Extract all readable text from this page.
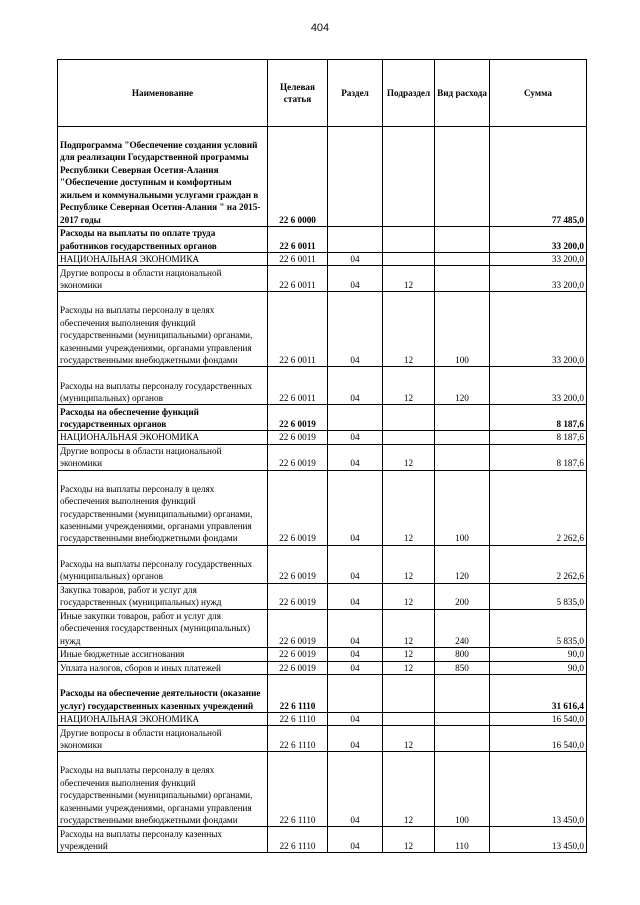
404
Наименование	Целевая статья	Раздел	Подраздел	Вид расхода	Сумма
Подпрограмма "Обеспечение создания условий для реализации Государственной программы Республики Северная Осетия-Алания "Обеспечение доступным и комфортным жильем и коммунальными услугами граждан в Республике Северная Осетия-Алания " на 2015-2017 годы	22 6 0000				77 485,0
Расходы на выплаты по оплате труда работников государственных органов	22 6 0011				33 200,0
НАЦИОНАЛЬНАЯ ЭКОНОМИКА	22 6 0011	04			33 200,0
Другие вопросы в области национальной экономики	22 6 0011	04	12		33 200,0
Расходы на выплаты персоналу в целях обеспечения выполнения функций государственными (муниципальными) органами, казенными учреждениями, органами управления государственными внебюджетными фондами	22 6 0011	04	12	100	33 200,0
Расходы на выплаты персоналу государственных (муниципальных) органов	22 6 0011	04	12	120	33 200,0
Расходы на обеспечение функций государственных органов	22 6 0019				8 187,6
НАЦИОНАЛЬНАЯ ЭКОНОМИКА	22 6 0019	04			8 187,6
Другие вопросы в области национальной экономики	22 6 0019	04	12		8 187,6
Расходы на выплаты персоналу в целях обеспечения выполнения функций государственными (муниципальными) органами, казенными учреждениями, органами управления государственными внебюджетными фондами	22 6 0019	04	12	100	2 262,6
Расходы на выплаты персоналу государственных (муниципальных) органов	22 6 0019	04	12	120	2 262,6
Закупка товаров, работ и услуг для государственных (муниципальных) нужд	22 6 0019	04	12	200	5 835,0
Иные закупки товаров, работ и услуг для обеспечения государственных (муниципальных) нужд	22 6 0019	04	12	240	5 835,0
Иные бюджетные ассигнования	22 6 0019	04	12	800	90,0
Уплата налогов, сборов и иных платежей	22 6 0019	04	12	850	90,0
Расходы на обеспечение деятельности (оказание услуг) государственных казенных учреждений	22 6 1110				31 616,4
НАЦИОНАЛЬНАЯ ЭКОНОМИКА	22 6 1110	04			16 540,0
Другие вопросы в области национальной экономики	22 6 1110	04	12		16 540,0
Расходы на выплаты персоналу в целях обеспечения выполнения функций государственными (муниципальными) органами, казенными учреждениями, органами управления государственными внебюджетными фондами	22 6 1110	04	12	100	13 450,0
Расходы на выплаты персоналу казенных учреждений	22 6 1110	04	12	110	13 450,0
